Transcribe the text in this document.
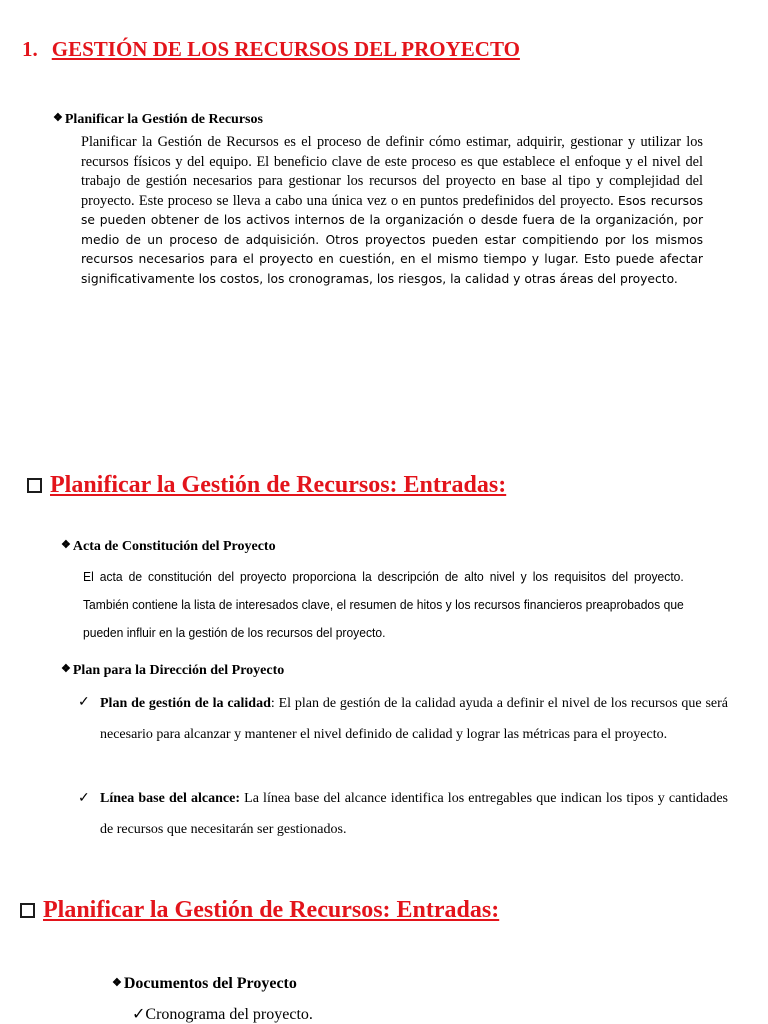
1. GESTIÓN DE LOS RECURSOS DEL PROYECTO
❖ Planificar la Gestión de Recursos
Planificar la Gestión de Recursos es el proceso de definir cómo estimar, adquirir, gestionar y utilizar los recursos físicos y del equipo. El beneficio clave de este proceso es que establece el enfoque y el nivel del trabajo de gestión necesarios para gestionar los recursos del proyecto en base al tipo y complejidad del proyecto. Este proceso se lleva a cabo una única vez o en puntos predefinidos del proyecto. Esos recursos se pueden obtener de los activos internos de la organización o desde fuera de la organización, por medio de un proceso de adquisición. Otros proyectos pueden estar compitiendo por los mismos recursos necesarios para el proyecto en cuestión, en el mismo tiempo y lugar. Esto puede afectar significativamente los costos, los cronogramas, los riesgos, la calidad y otras áreas del proyecto.
Planificar la Gestión de Recursos: Entradas:
❖ Acta de Constitución del Proyecto
El acta de constitución del proyecto proporciona la descripción de alto nivel y los requisitos del proyecto. También contiene la lista de interesados clave, el resumen de hitos y los recursos financieros preaprobados que pueden influir en la gestión de los recursos del proyecto.
❖ Plan para la Dirección del Proyecto
✓ Plan de gestión de la calidad: El plan de gestión de la calidad ayuda a definir el nivel de los recursos que será necesario para alcanzar y mantener el nivel definido de calidad y lograr las métricas para el proyecto.
✓ Línea base del alcance: La línea base del alcance identifica los entregables que indican los tipos y cantidades de recursos que necesitarán ser gestionados.
Planificar la Gestión de Recursos: Entradas:
❖ Documentos del Proyecto
✓Cronograma del proyecto.
